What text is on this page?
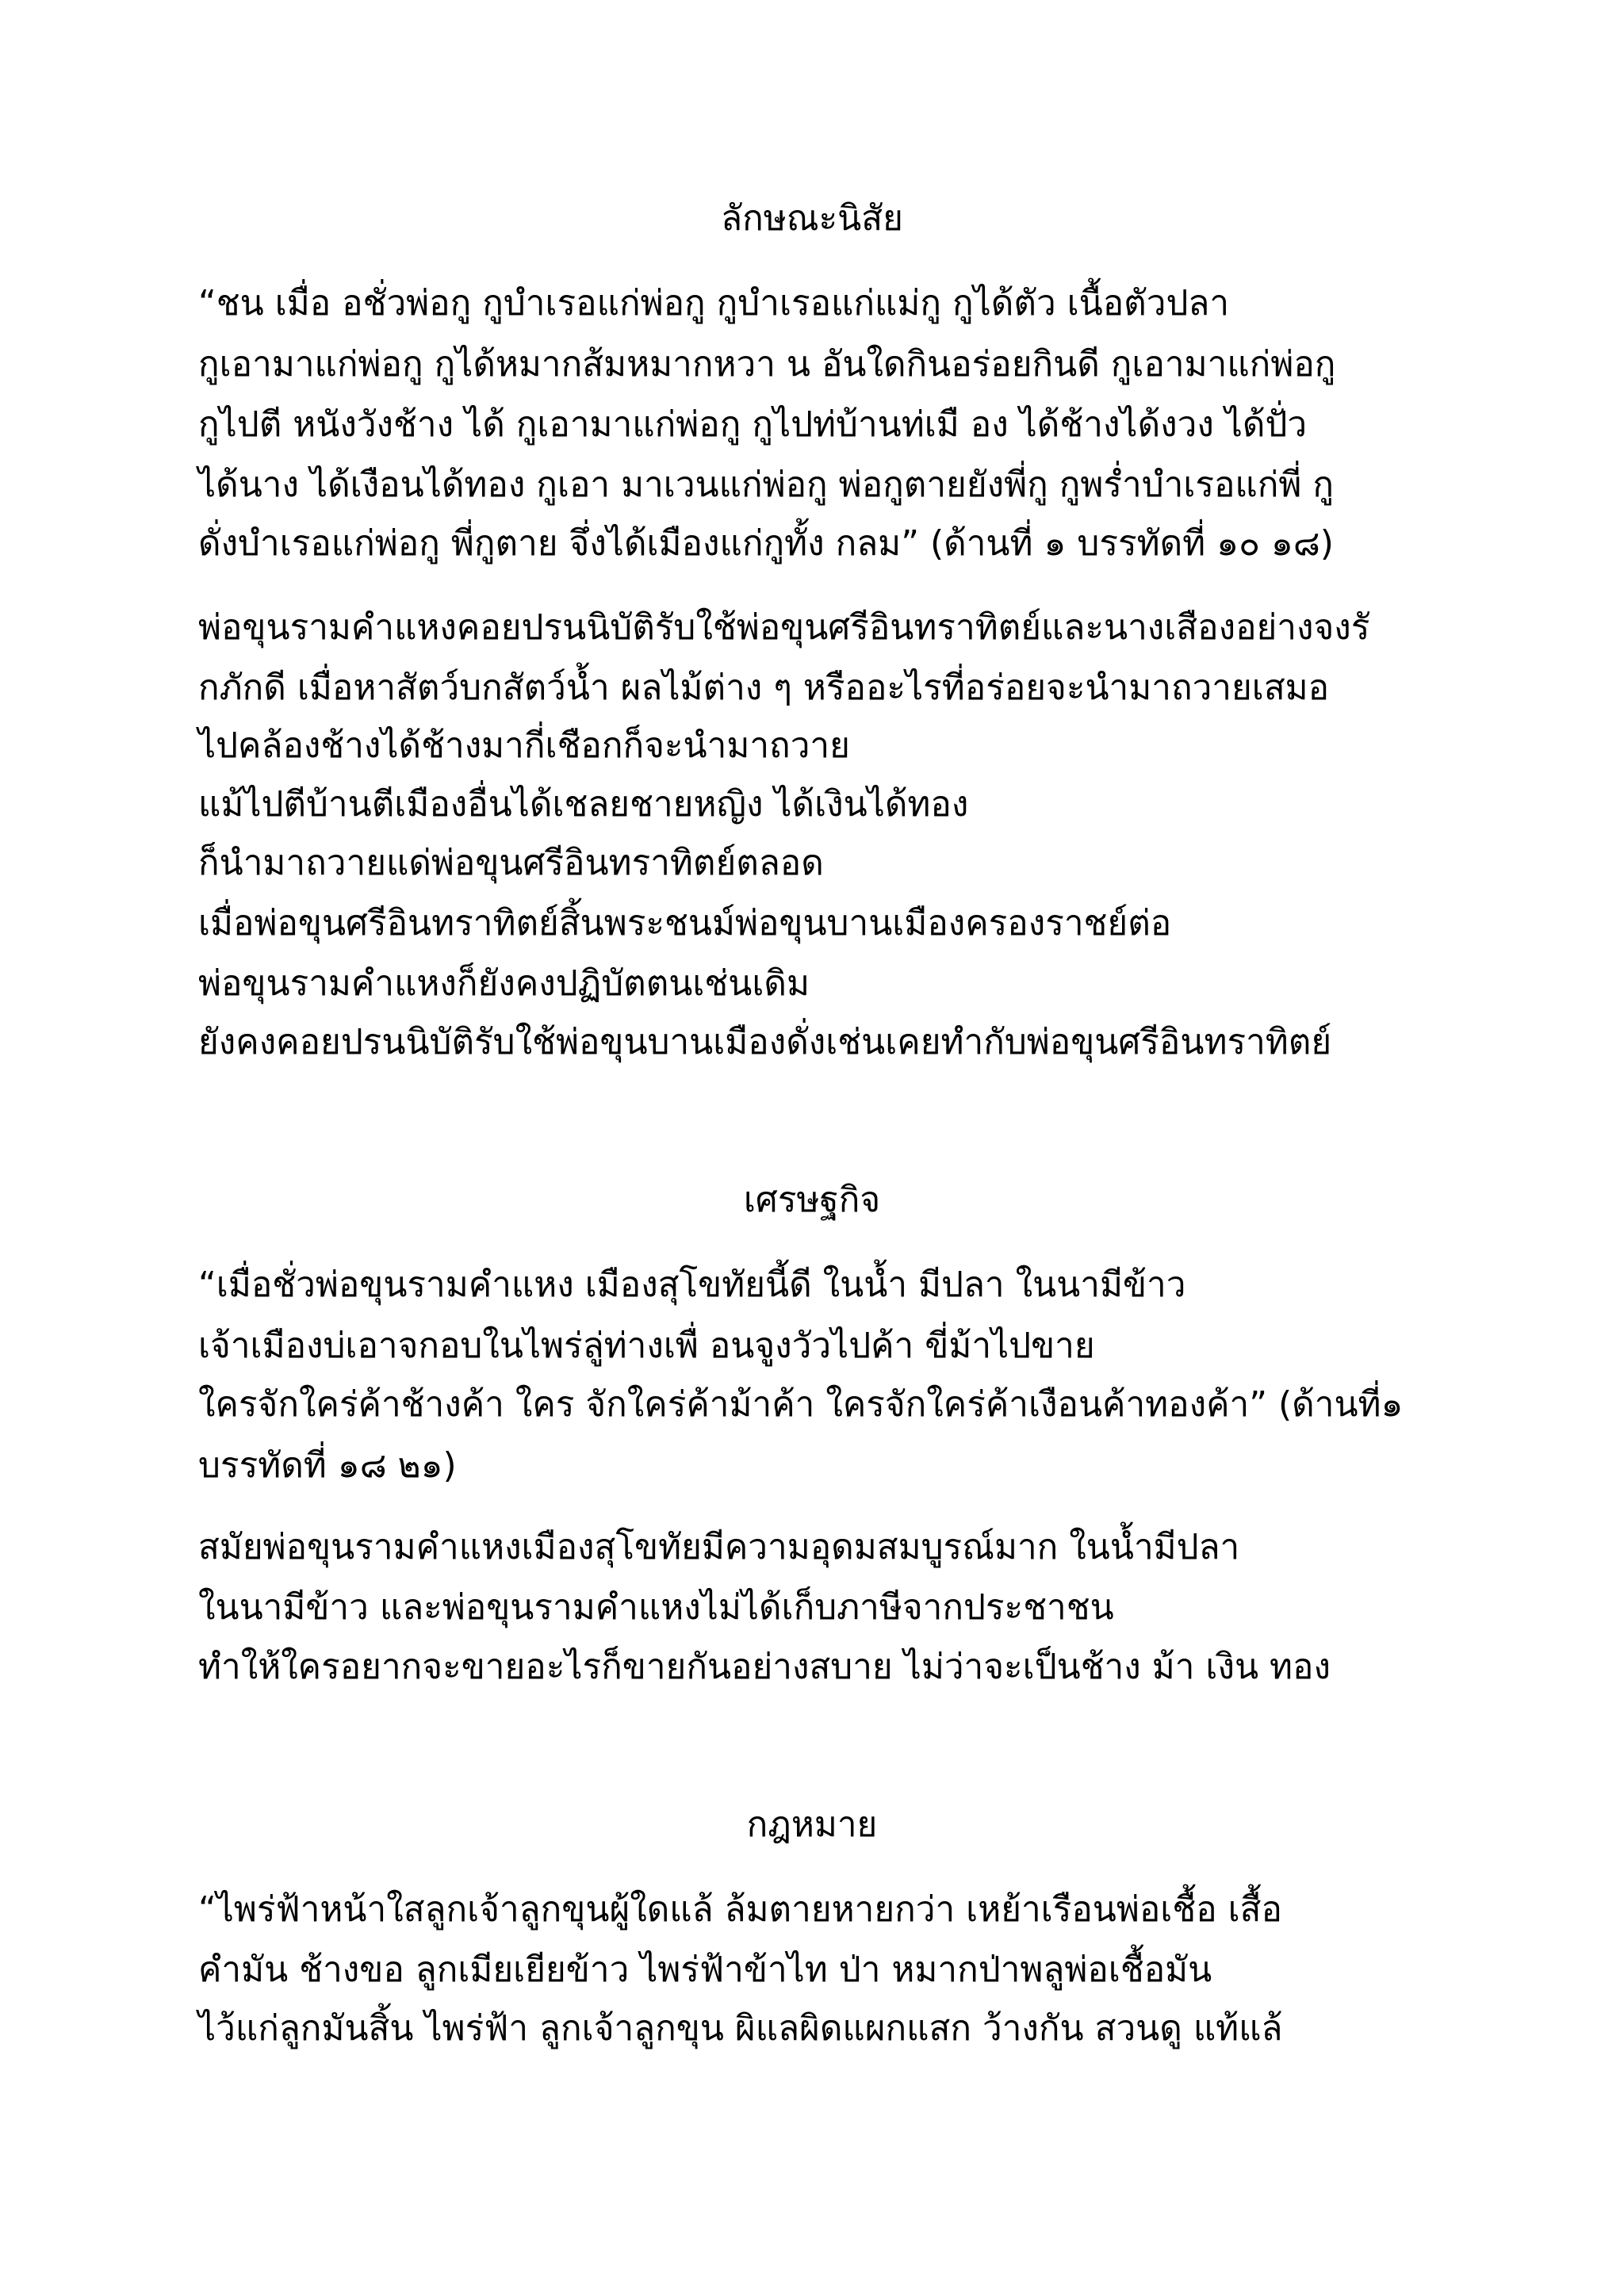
ลักษณะนิสัย
“ชน เมื่อ อชั่วพ่อกู กูบำเรอแก่พ่อกู กูบำเรอแก่แม่กู กูได้ตัว เนื้อตัวปลา
กูเอามาแก่พ่อกู กูได้หมากส้มหมากหวา น อันใดกินอร่อยกินดี กูเอามาแก่พ่อกู
กูไปตี หนังวังช้าง ได้ กูเอามาแก่พ่อกู กูไปท่บ้านท่เมื อง ได้ช้างได้งวง ได้ปั่ว
ได้นาง ได้เงือนได้ทอง กูเอา มาเวนแก่พ่อกู พ่อกูตายยังพี่กู กูพร่ำบำเรอแก่พี่ กู
ดั่งบำเรอแก่พ่อกู พี่กูตาย จึ่งได้เมืองแก่กูทั้ง กลม” (ด้านที่ ๑ บรรทัดที่ ๑๐ ๑๘)
พ่อขุนรามคำแหงคอยปรนนิบัติรับใช้พ่อขุนศรีอินทราทิตย์และนางเสืองอย่างจงรั
กภักดี เมื่อหาสัตว์บกสัตว์น้ำ ผลไม้ต่าง ๆ หรืออะไรที่อร่อยจะนำมาถวายเสมอ
ไปคล้องช้างได้ช้างมากี่เชือกก็จะนำมาถวาย
แม้ไปตีบ้านตีเมืองอื่นได้เชลยชายหญิง ได้เงินได้ทอง
ก็นำมาถวายแด่พ่อขุนศรีอินทราทิตย์ตลอด
เมื่อพ่อขุนศรีอินทราทิตย์สิ้นพระชนม์พ่อขุนบานเมืองครองราชย์ต่อ
พ่อขุนรามคำแหงก็ยังคงปฏิบัตตนเช่นเดิม
ยังคงคอยปรนนิบัติรับใช้พ่อขุนบานเมืองดั่งเช่นเคยทำกับพ่อขุนศรีอินทราทิตย์
เศรษฐกิจ
“เมื่อชั่วพ่อขุนรามคำแหง เมืองสุโขทัยนี้ดี ในน้ำ มีปลา ในนามีข้าว
เจ้าเมืองบ่เอาจกอบในไพร่ลู่ท่างเพื่ อนจูงวัวไปค้า ขี่ม้าไปขาย
ใครจักใคร่ค้าช้างค้า ใคร จักใคร่ค้าม้าค้า ใครจักใคร่ค้าเงือนค้าทองค้า” (ด้านที่๑
บรรทัดที่ ๑๘ ๒๑)
สมัยพ่อขุนรามคำแหงเมืองสุโขทัยมีความอุดมสมบูรณ์มาก ในน้ำมีปลา
ในนามีข้าว และพ่อขุนรามคำแหงไม่ได้เก็บภาษีจากประชาชน
ทำให้ใครอยากจะขายอะไรก็ขายกันอย่างสบาย ไม่ว่าจะเป็นช้าง ม้า เงิน ทอง
กฎหมาย
“ไพร่ฟ้าหน้าใสลูกเจ้าลูกขุนผู้ใดแล้ ล้มตายหายกว่า เหย้าเรือนพ่อเชื้อ เสื้อ
คำมัน ช้างขอ ลูกเมียเยียข้าว ไพร่ฟ้าข้าไท ป่า หมากป่าพลูพ่อเชื้อมัน
ไว้แก่ลูกมันสิ้น ไพร่ฟ้า ลูกเจ้าลูกขุน ผิแลผิดแผกแสก ว้างกัน สวนดู แท้แล้
